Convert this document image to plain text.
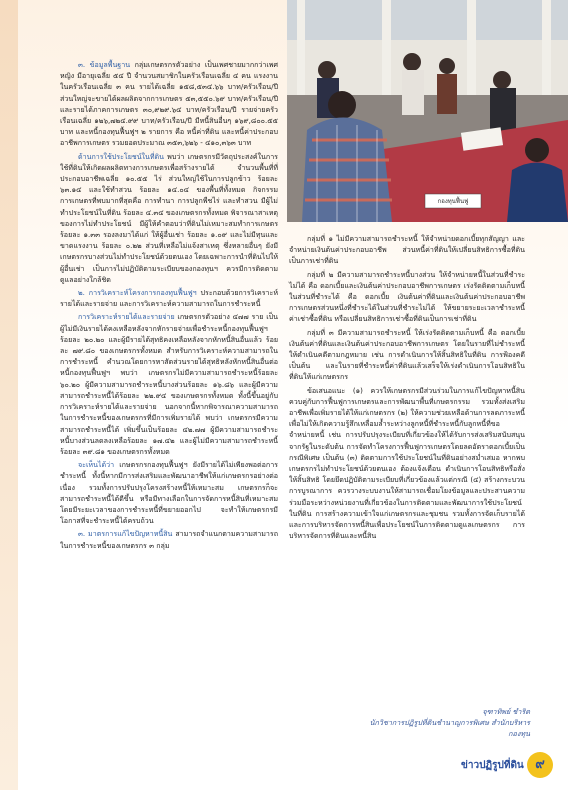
กองทุนฟื้นฟู

๓. ข้อมูลพื้นฐาน กลุ่มเกษตรกรตัวอย่าง เป็นเพศชายมากกว่าเพศหญิง มีอายุเฉลี่ย ๕๔ ปี จำนวนสมาชิกในครัวเรือนเฉลี่ย ๔ คน แรงงานในครัวเรือนเฉลี่ย ๓ คน รายได้เฉลี่ย ๑๕๘,๕๓๔.๖๖ บาท/ครัวเรือน/ปี ส่วนใหญ่จะขายได้ผลผลิตจากการเกษตร ๕๓,๕๕๐.๖๙ บาท/ครัวเรือน/ปี และรายได้ภาคการเกษตร ๓๐,๙๒๙.๖๔ บาท/ครัวเรือน/ปี รายจ่ายครัวเรือนเฉลี่ย ๑๒๖,๗๒๔.๙๙ บาท/ครัวเรือน/ปี มีหนี้สินอื่นๆ ๑๖๙,๘๐๐.๕๕ บาท และหนี้กองทุนฟื้นฟูฯ ๒ รายการ คือ หนี้ค่าที่ดิน และหนี้ค่าประกอบอาชีพการเกษตร รวมยอดประมาณ ๓๕๓,๖๒๖ - ๔๑๐,๓๖๓ บาท

ด้านการใช้ประโยชน์ในที่ดิน พบว่า เกษตรกรมีวัตถุประสงค์ในการใช้ที่ดินให้เกิดผลผลิตทางการเกษตรเพื่อสร้างรายได้ จำนวนพื้นที่ที่ประกอบอาชีพเฉลี่ย ๑๐.๕๕ ไร่ ส่วนใหญ่ใช้ในการปลูกข้าว ร้อยละ ๖๓.๑๔ และใช้ทำสวน ร้อยละ ๑๔.๐๔ ของพื้นที่ทั้งหมด กิจกรรมการเกษตรที่พบมากที่สุดคือ การทำนา การปลูกพืชไร่ และทำสวน มีผู้ไม่ทำประโยชน์ในที่ดิน ร้อยละ ๔.๓๔ ของเกษตรกรทั้งหมด พิจารณาสาเหตุของการไม่ทำประโยชน์ มีผู้ให้คำตอบว่าที่ดินไม่เหมาะสมทำการเกษตร ร้อยละ ๑.๓๓ รองลงมาได้แก่ ให้ผู้อื่นเช่า ร้อยละ ๑.๐๙ และไม่มีทุนและขาดแรงงาน ร้อยละ ๐.๒๒ ส่วนที่เหลือไม่แจ้งสาเหตุ ซึ่งหลายอื่นๆ ยังมีเกษตรกรบางส่วนไม่ทำประโยชน์ด้วยตนเอง โดยเฉพาะการนำที่ดินไปให้ผู้อื่นเช่า เป็นการไม่ปฏิบัติตามระเบียบของกองทุนฯ ควรมีการติดตามดูแลอย่างใกล้ชิด

๒. การวิเคราะห์โครงการกองทุนฟื้นฟูฯ ประกอบด้วยการวิเคราะห์รายได้และรายจ่าย และการวิเคราะห์ความสามารถในการชำระหนี้

การวิเคราะห์รายได้และรายจ่าย เกษตรกรตัวอย่าง ๔๗๗ ราย เป็นผู้ไม่มีเงินรายได้คงเหลือหลังจากหักรายจ่ายเพื่อชำระหนี้กองทุนฟื้นฟูฯ ร้อยละ ๒๐.๒๐ และผู้มีรายได้สุทธิคงเหลือหลังจากหักหนี้สินอื่นแล้ว ร้อยละ ๗๙.๘๐ ของเกษตรกรทั้งหมด สำหรับการวิเคราะห์ความสามารถในการชำระหนี้ คำนวณโดยการหาสัดส่วนรายได้สุทธิหลังหักหนี้สินอื่นต่อหนี้กองทุนฟื้นฟูฯ พบว่า เกษตรกรไม่มีความสามารถชำระหนี้ร้อยละ ๖๐.๒๐ ผู้มีความสามารถชำระหนี้บางส่วนร้อยละ ๑๖.๘๖ และผู้มีความสามารถชำระหนี้ได้ร้อยละ ๒๒.๙๔ ของเกษตรกรทั้งหมด ทั้งนี้ขึ้นอยู่กับการวิเคราะห์รายได้และรายจ่าย นอกจากนี้หากพิจารณาความสามารถในการชำระหนี้ของเกษตรกรที่มีการเพิ่มรายได้ พบว่า เกษตรกรมีความสามารถชำระหนี้ได้ เพิ่มขึ้นเป็นร้อยละ ๔๒.๗๗ ผู้มีความสามารถชำระหนี้บางส่วนลดลงเหลือร้อยละ ๑๗.๔๒ และผู้ไม่มีความสามารถชำระหนี้ร้อยละ ๓๙.๘๑ ของเกษตรกรทั้งหมด

จะเห็นได้ว่า เกษตรกรกองทุนฟื้นฟูฯ ยังมีรายได้ไม่เพียงพอต่อการชำระหนี้ ทั้งนี้หากมีการส่งเสริมและพัฒนาอาชีพให้แก่เกษตรกรอย่างต่อเนื่อง รวมทั้งการปรับปรุงโครงสร้างหนี้ให้เหมาะสม เกษตรกรก็จะสามารถชำระหนี้ได้ดีขึ้น หรือมีทางเลือกในการจัดการหนี้สินที่เหมาะสม โดยมีระยะเวลาของการชำระหนี้ที่ขยายออกไป จะทำให้เกษตรกรมีโอกาสที่จะชำระหนี้ได้ครบถ้วน

๓. มาตรการแก้ไขปัญหาหนี้สิน สามารถจำแนกตามความสามารถในการชำระหนี้ของเกษตรกร ๓ กลุ่ม

กลุ่มที่ ๑ ไม่มีความสามารถชำระหนี้ ให้จำหน่ายดอกเบี้ยทุกสัญญา และจำหน่ายเงินต้นค่าประกอบอาชีพ ส่วนหนี้ค่าที่ดินให้เปลี่ยนสิทธิการซื้อที่ดินเป็นการเช่าที่ดิน

กลุ่มที่ ๒ มีความสามารถชำระหนี้บางส่วน ให้จำหน่ายหนี้ในส่วนที่ชำระไม่ได้ คือ ดอกเบี้ยและเงินต้นค่าประกอบอาชีพการเกษตร เร่งรัดติดตามเก็บหนี้ในส่วนที่ชำระได้ คือ ดอกเบี้ย เงินต้นค่าที่ดินและเงินต้นค่าประกอบอาชีพการเกษตรส่วนหนึ่งที่ชำระได้ในส่วนที่ชำระไม่ได้ ให้ขยายระยะเวลาชำระหนี้ค่าเช่าซื้อที่ดิน หรือเปลี่ยนสิทธิการเช่าซื้อที่ดินเป็นการเช่าที่ดิน

กลุ่มที่ ๓ มีความสามารถชำระหนี้ ให้เร่งรัดติดตามเก็บหนี้ คือ ดอกเบี้ย เงินต้นค่าที่ดินและเงินต้นค่าประกอบอาชีพการเกษตร โดยในรายที่ไม่ชำระหนี้ให้ดำเนินคดีตามกฎหมาย เช่น การดำเนินการให้สิ้นสิทธิในที่ดิน การฟ้องคดี เป็นต้น และในรายที่ชำระหนี้ค่าที่ดินแล้วเสร็จให้เร่งดำเนินการโอนสิทธิในที่ดินให้แก่เกษตรกร

ข้อเสนอแนะ (๑) ควรให้เกษตรกรมีส่วนร่วมในการแก้ไขปัญหาหนี้สินควบคู่กับการฟื้นฟูการเกษตรและการพัฒนาพื้นที่เกษตรกรรม รวมทั้งส่งเสริมอาชีพเพื่อเพิ่มรายได้ให้แก่เกษตรกร (๒) ให้ความช่วยเหลือด้านการลดภาระหนี้ เพื่อไม่ให้เกิดความรู้สึกเหลื่อมล้ำระหว่างลูกหนี้ที่ชำระหนี้กับลูกหนี้ที่ขอจำหน่ายหนี้ เช่น การปรับปรุงระเบียบที่เกี่ยวข้องให้ได้รับการส่งเสริมสนับสนุนจากรัฐในระดับต้น การจัดทำโครงการฟื้นฟูการเกษตรโดยลดอัตราดอกเบี้ยเป็นกรณีพิเศษ เป็นต้น (๓) ติดตามการใช้ประโยชน์ในที่ดินอย่างสม่ำเสมอ หากพบเกษตรกรไม่ทำประโยชน์ด้วยตนเอง ต้องแจ้งเตือน ดำเนินการโอนสิทธิหรือสั่งให้สิ้นสิทธิ โดยยึดปฏิบัติตามระเบียบที่เกี่ยวข้องแล้วแต่กรณี (๔) สร้างกระบวนการบูรณาการ ควรวางระบบงานให้สามารถเชื่อมโยงข้อมูลและประสานความร่วมมือระหว่างหน่วยงานที่เกี่ยวข้องในการติดตามและพัฒนาการใช้ประโยชน์ในที่ดิน การสร้างความเข้าใจแก่เกษตรกรและชุมชน รวมทั้งการจัดเก็บรายได้และการบริหารจัดการหนี้สินเพื่อประโยชน์ในการติดตามดูแลเกษตรกร การบริหารจัดการที่ดินและหนี้สิน

จุฑาทิพย์ ชำริด
นักวิชาการปฏิรูปที่ดินชำนาญการพิเศษ สำนักบริหารกองทุน
ข่าวปฏิรูปที่ดิน ๙
